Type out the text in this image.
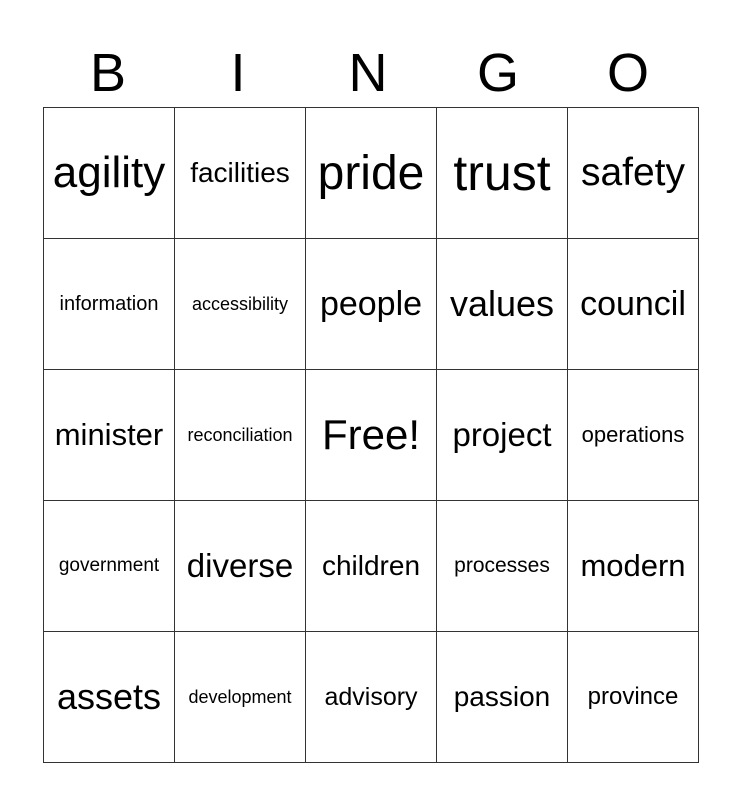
B	I	N	G	O
agility	facilities	pride	trust	safety
information	accessibility	people	values	council
minister	reconciliation	Free!	project	operations
government	diverse	children	processes	modern
assets	development	advisory	passion	province
